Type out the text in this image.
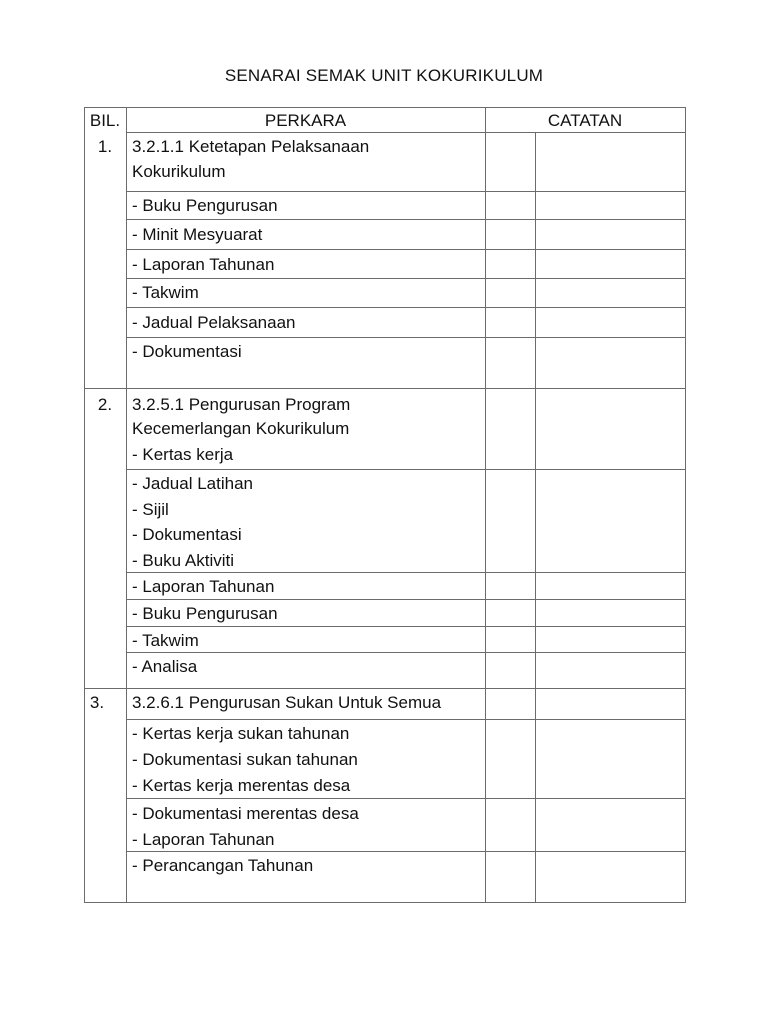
SENARAI SEMAK UNIT KOKURIKULUM
BIL.	PERKARA	CATATAN
1.	3.2.1.1 Ketetapan Pelaksanaan
Kokurikulum
- Buku Pengurusan
- Minit Mesyuarat
- Laporan Tahunan
- Takwim
- Jadual Pelaksanaan
- Dokumentasi
2.	3.2.5.1 Pengurusan Program
Kecemerlangan Kokurikulum
- Kertas kerja
- Jadual Latihan
- Sijil
- Dokumentasi
- Buku Aktiviti
- Laporan Tahunan
- Buku Pengurusan
- Takwim
- Analisa
3.	3.2.6.1 Pengurusan Sukan Untuk Semua
- Kertas kerja sukan tahunan
- Dokumentasi sukan tahunan
- Kertas kerja merentas desa
- Dokumentasi merentas desa
- Laporan Tahunan
- Perancangan Tahunan
